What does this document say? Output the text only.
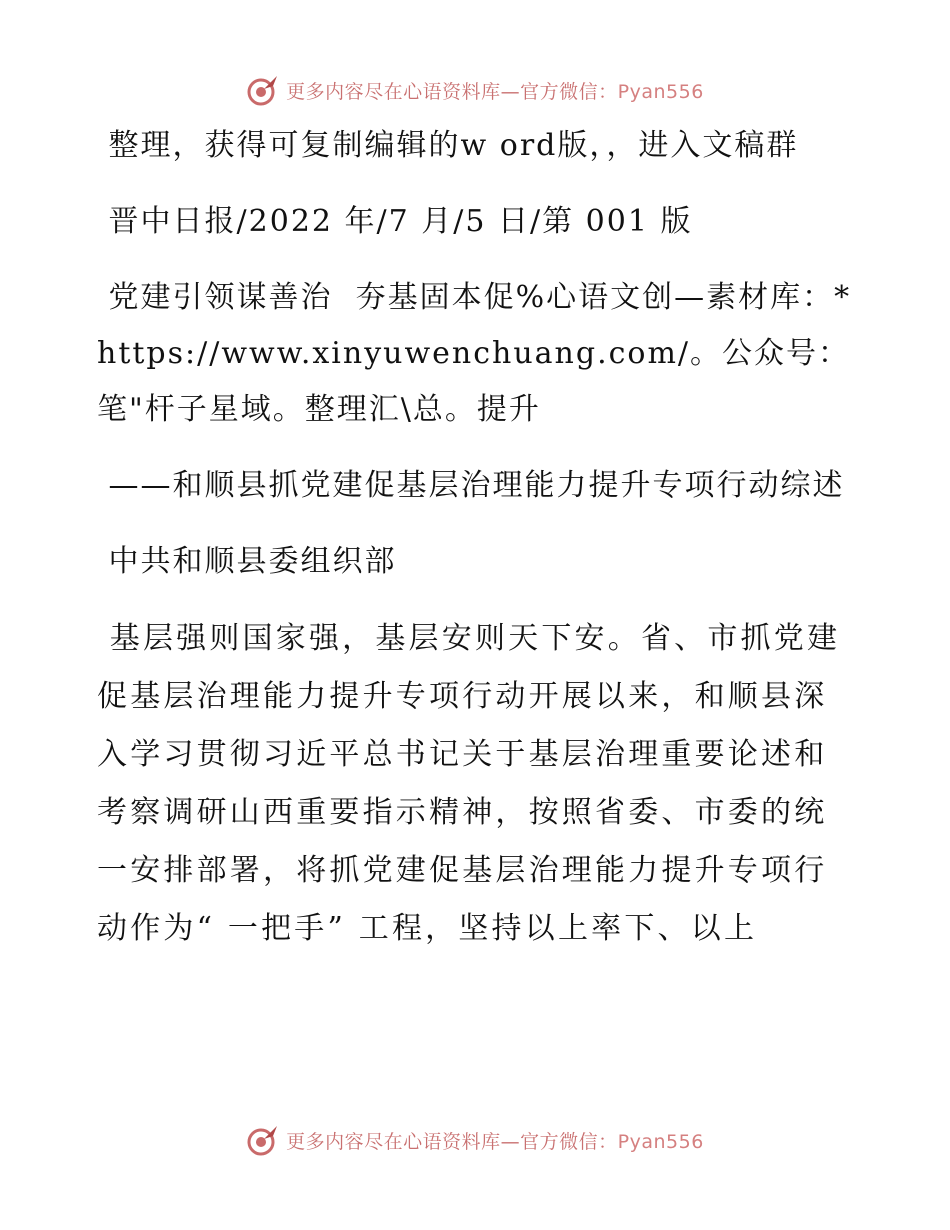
更多内容尽在心语资料库—官方微信：Pyan556

整理，获得可复制编辑的w ord版，，进入文稿群

晋中日报/2022 年/7 月/5 日/第 001 版

党建引领谋善治  夯基固本促%心语文创—素材库：*https://www.xinyuwenchuang.com/。公众号：笔"杆子星域。整理汇\总。提升

——和顺县抓党建促基层治理能力提升专项行动综述

中共和顺县委组织部

基层强则国家强，基层安则天下安。省、市抓党建促基层治理能力提升专项行动开展以来，和顺县深入学习贯彻习近平总书记关于基层治理重要论述和考察调研山西重要指示精神，按照省委、市委的统一安排部署，将抓党建促基层治理能力提升专项行动作为“ 一把手” 工程，坚持以上率下、以上

更多内容尽在心语资料库—官方微信：Pyan556
